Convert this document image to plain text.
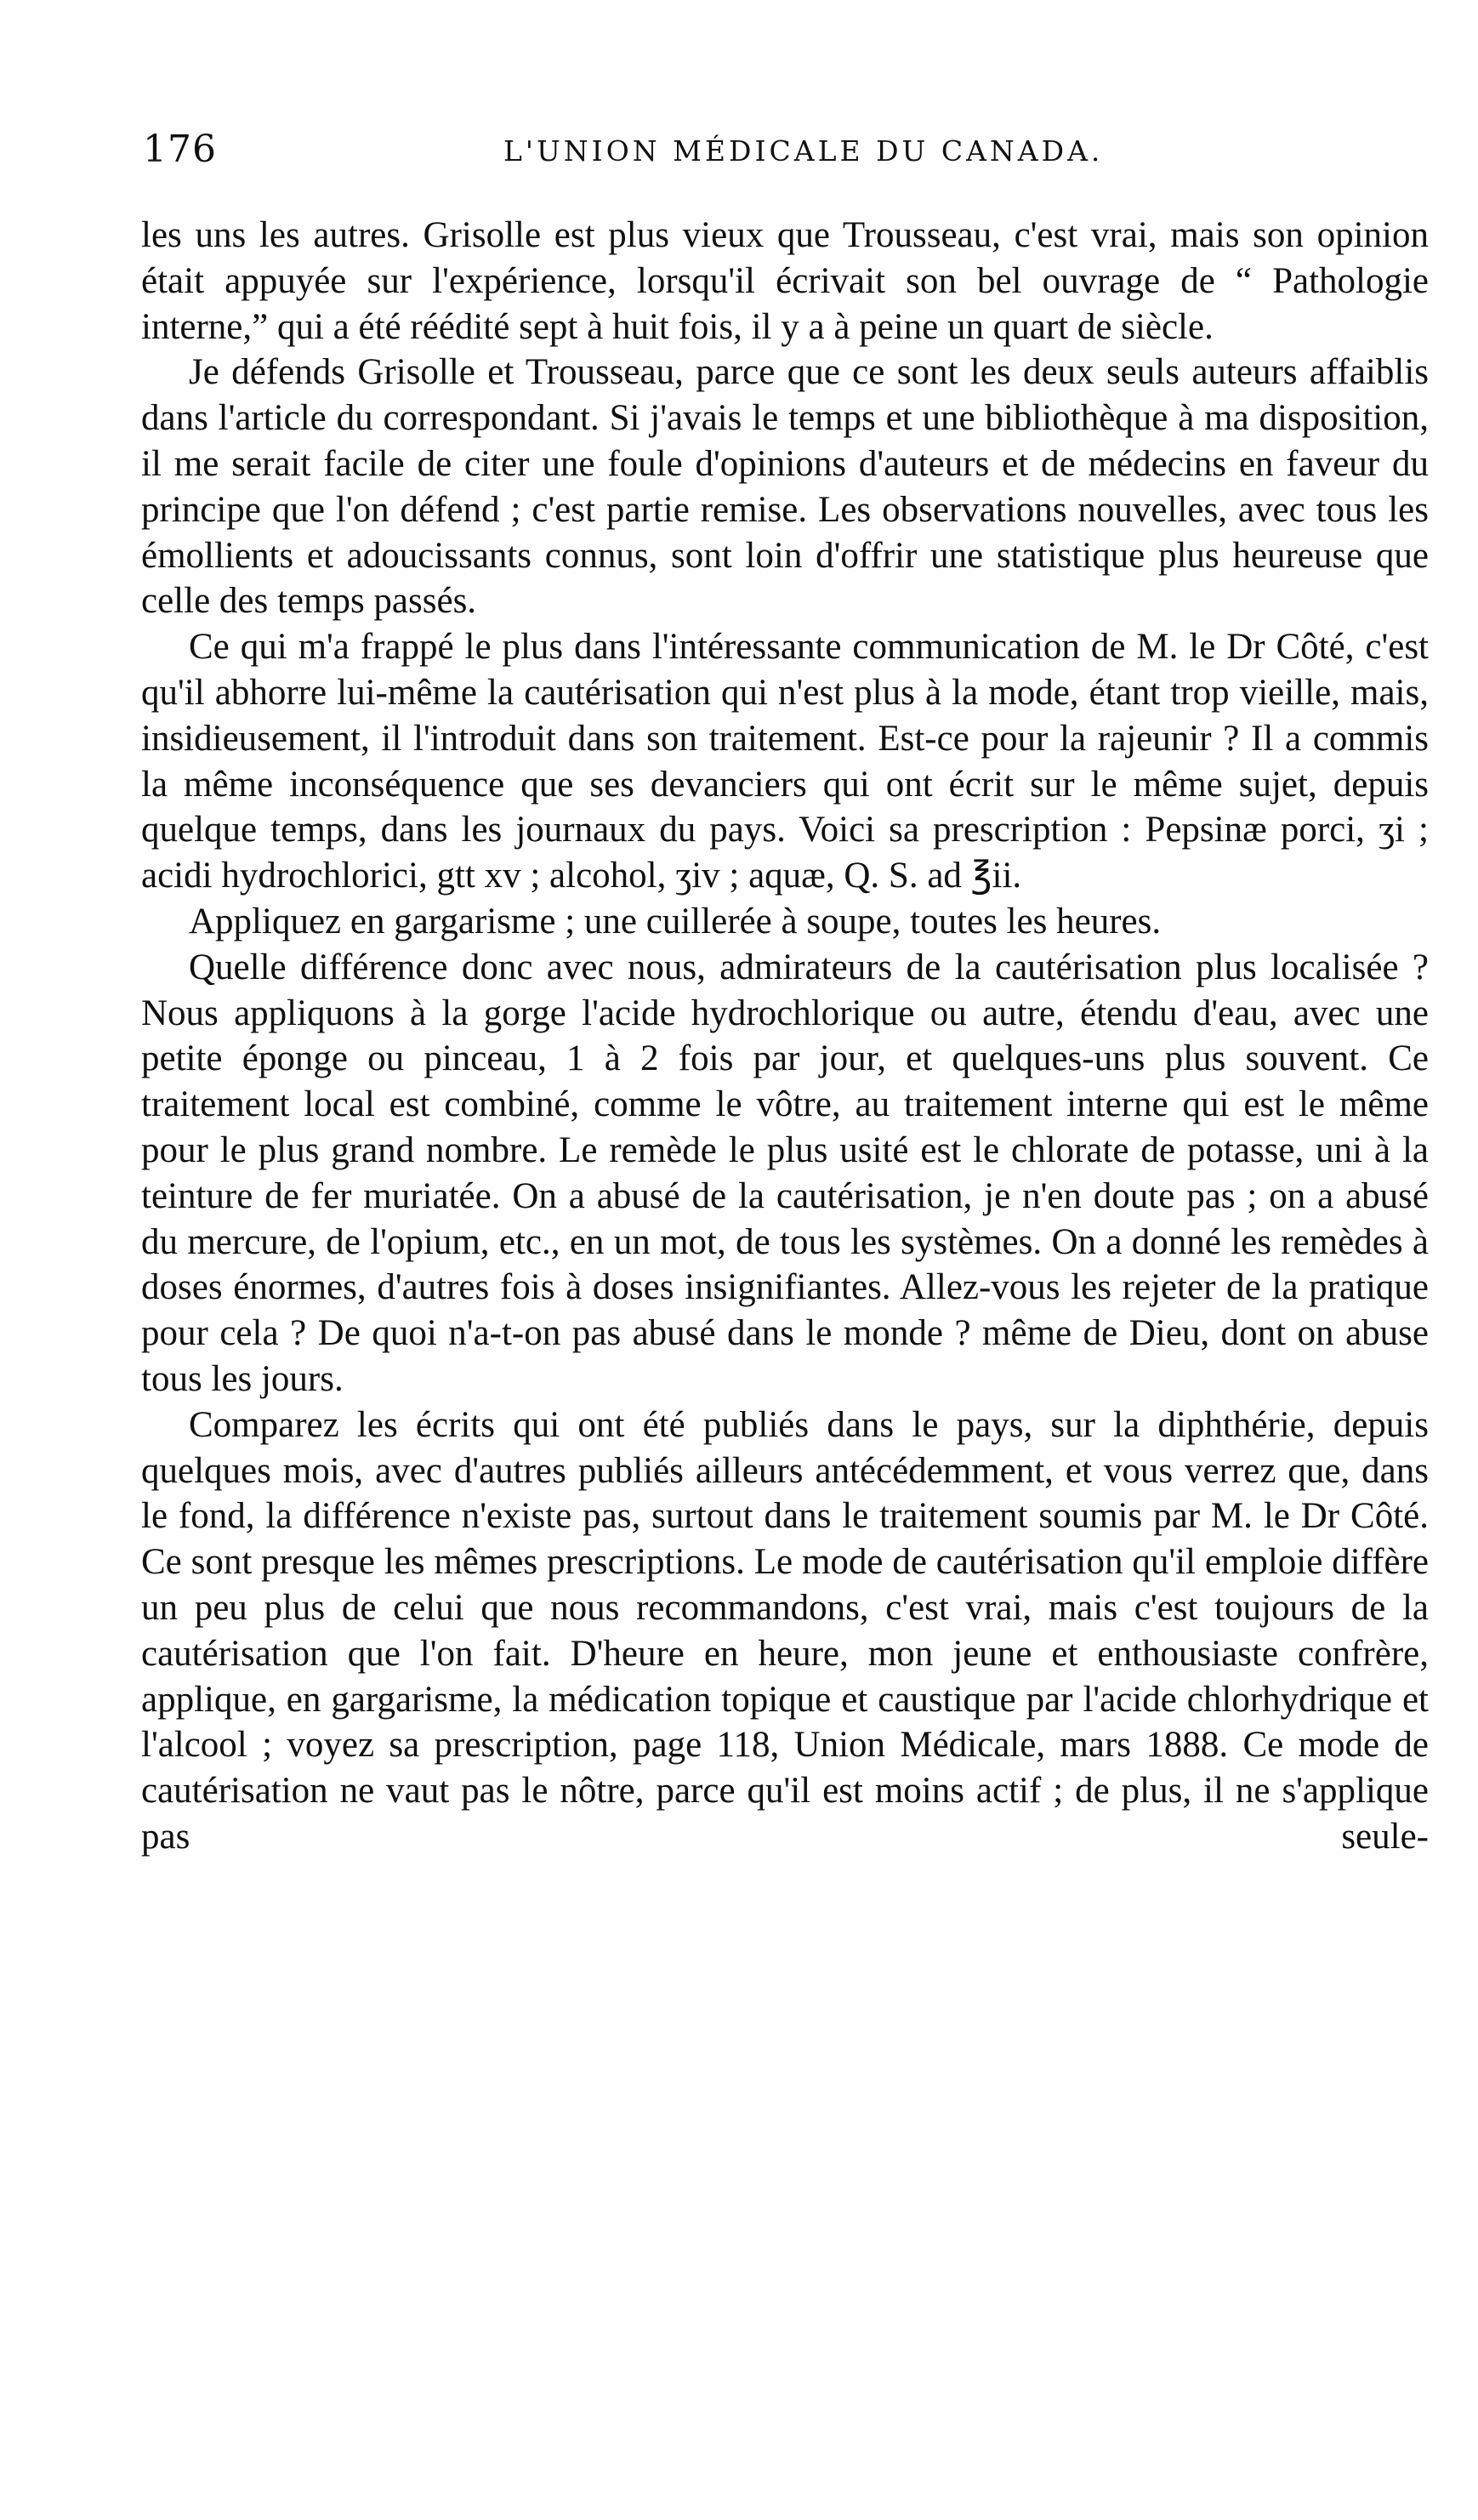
176	L'UNION MÉDICALE DU CANADA.

les uns les autres. Grisolle est plus vieux que Trousseau, c'est vrai, mais son opinion était appuyée sur l'expérience, lorsqu'il écrivait son bel ouvrage de “ Pathologie interne,” qui a été réédité sept à huit fois, il y a à peine un quart de siècle.

Je défends Grisolle et Trousseau, parce que ce sont les deux seuls auteurs affaiblis dans l'article du correspondant. Si j'avais le temps et une bibliothèque à ma disposition, il me serait facile de citer une foule d'opinions d'auteurs et de médecins en faveur du principe que l'on défend ; c'est partie remise. Les observations nouvelles, avec tous les émollients et adoucissants connus, sont loin d'offrir une statistique plus heureuse que celle des temps passés.

Ce qui m'a frappé le plus dans l'intéressante communication de M. le Dr Côté, c'est qu'il abhorre lui-même la cautérisation qui n'est plus à la mode, étant trop vieille, mais, insidieusement, il l'introduit dans son traitement. Est-ce pour la rajeunir ? Il a commis la même inconséquence que ses devanciers qui ont écrit sur le même sujet, depuis quelque temps, dans les journaux du pays. Voici sa prescription : Pepsinæ porci, ʒi ; acidi hydrochlorici, gtt xv ; alcohol, ʒiv ; aquæ, Q. S. ad ℥ii.

Appliquez en gargarisme ; une cuillerée à soupe, toutes les heures.

Quelle différence donc avec nous, admirateurs de la cautérisation plus localisée ? Nous appliquons à la gorge l'acide hydrochlorique ou autre, étendu d'eau, avec une petite éponge ou pinceau, 1 à 2 fois par jour, et quelques-uns plus souvent. Ce traitement local est combiné, comme le vôtre, au traitement interne qui est le même pour le plus grand nombre. Le remède le plus usité est le chlorate de potasse, uni à la teinture de fer muriatée. On a abusé de la cautérisation, je n'en doute pas ; on a abusé du mercure, de l'opium, etc., en un mot, de tous les systèmes. On a donné les remèdes à doses énormes, d'autres fois à doses insignifiantes. Allez-vous les rejeter de la pratique pour cela ? De quoi n'a-t-on pas abusé dans le monde ? même de Dieu, dont on abuse tous les jours.

Comparez les écrits qui ont été publiés dans le pays, sur la diphthérie, depuis quelques mois, avec d'autres publiés ailleurs antécédemment, et vous verrez que, dans le fond, la différence n'existe pas, surtout dans le traitement soumis par M. le Dr Côté. Ce sont presque les mêmes prescriptions. Le mode de cautérisation qu'il emploie diffère un peu plus de celui que nous recommandons, c'est vrai, mais c'est toujours de la cautérisation que l'on fait. D'heure en heure, mon jeune et enthousiaste confrère, applique, en gargarisme, la médication topique et caustique par l'acide chlorhydrique et l'alcool ; voyez sa prescription, page 118, Union Médicale, mars 1888. Ce mode de cautérisation ne vaut pas le nôtre, parce qu'il est moins actif ; de plus, il ne s'applique pas seule-
